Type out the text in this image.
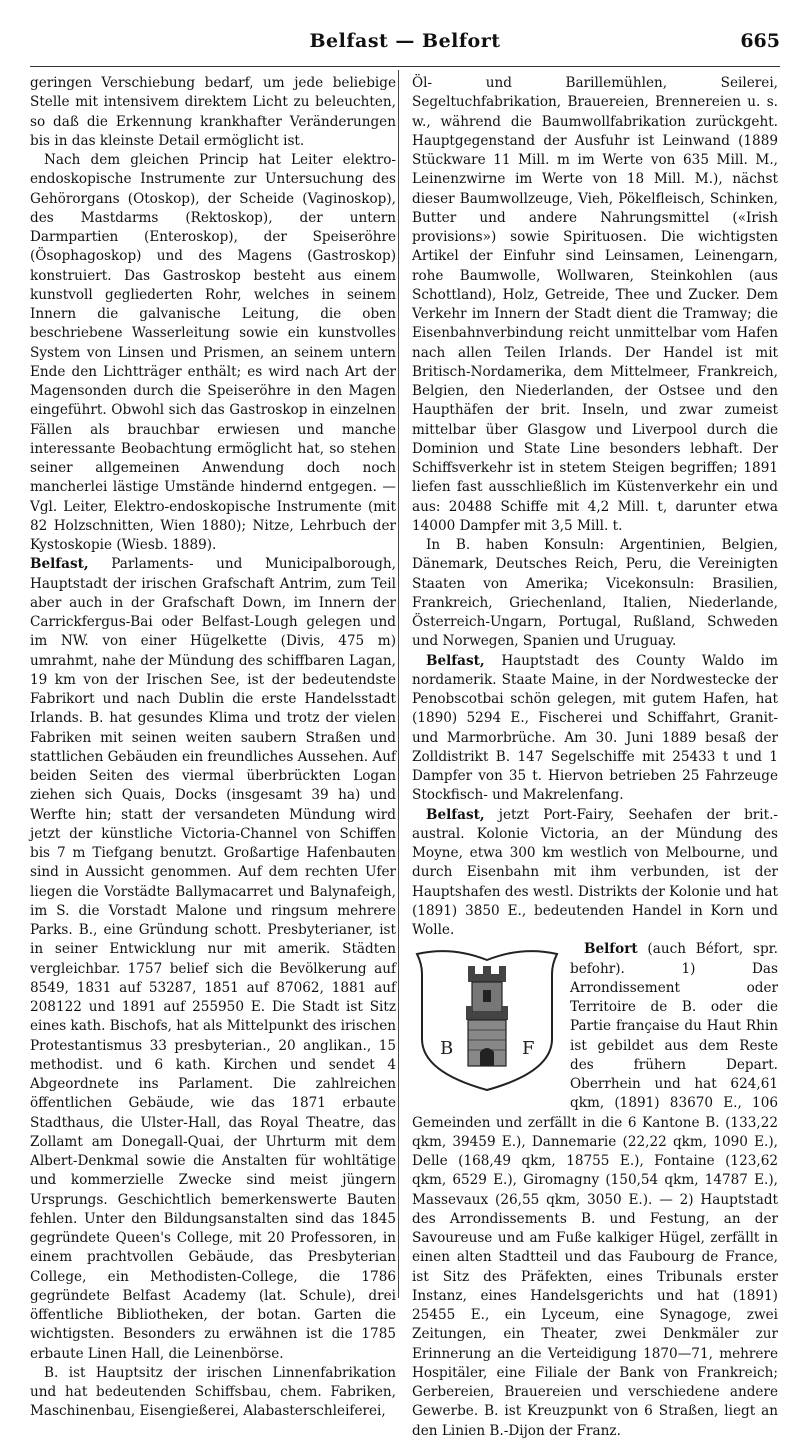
Belfast — Belfort	665

geringen Verschiebung bedarf, um jede beliebige Stelle mit intensivem direktem Licht zu beleuchten, so daß die Erkennung krankhafter Veränderungen bis in das kleinste Detail ermöglicht ist.

Nach dem gleichen Princip hat Leiter elektro-endoskopische Instrumente zur Untersuchung des Gehörorgans (Otoskop), der Scheide (Vaginoskop), des Mastdarms (Rektoskop), der untern Darmpartien (Enteroskop), der Speiseröhre (Ösophagoskop) und des Magens (Gastroskop) konstruiert. Das Gastroskop besteht aus einem kunstvoll gegliederten Rohr, welches in seinem Innern die galvanische Leitung, die oben beschriebene Wasserleitung sowie ein kunstvolles System von Linsen und Prismen, an seinem untern Ende den Lichtträger enthält; es wird nach Art der Magensonden durch die Speiseröhre in den Magen eingeführt. Obwohl sich das Gastroskop in einzelnen Fällen als brauchbar erwiesen und manche interessante Beobachtung ermöglicht hat, so stehen seiner allgemeinen Anwendung doch noch mancherlei lästige Umstände hindernd entgegen. — Vgl. Leiter, Elektro-endoskopische Instrumente (mit 82 Holzschnitten, Wien 1880); Nitze, Lehrbuch der Kystoskopie (Wiesb. 1889).

Belfast, Parlaments- und Municipalborough, Hauptstadt der irischen Grafschaft Antrim, zum Teil aber auch in der Grafschaft Down, im Innern der Carrickfergus-Bai oder Belfast-Lough gelegen und im NW. von einer Hügelkette (Divis, 475 m) umrahmt, nahe der Mündung des schiffbaren Lagan, 19 km von der Irischen See, ist der bedeutendste Fabrikort und nach Dublin die erste Handelsstadt Irlands. B. hat gesundes Klima und trotz der vielen Fabriken mit seinen weiten saubern Straßen und stattlichen Gebäuden ein freundliches Aussehen. Auf beiden Seiten des viermal überbrückten Logan ziehen sich Quais, Docks (insgesamt 39 ha) und Werfte hin; statt der versandeten Mündung wird jetzt der künstliche Victoria-Channel von Schiffen bis 7 m Tiefgang benutzt. Großartige Hafenbauten sind in Aussicht genommen. Auf dem rechten Ufer liegen die Vorstädte Ballymacarret und Balynafeigh, im S. die Vorstadt Malone und ringsum mehrere Parks. B., eine Gründung schott. Presbyterianer, ist in seiner Entwicklung nur mit amerik. Städten vergleichbar. 1757 belief sich die Bevölkerung auf 8549, 1831 auf 53287, 1851 auf 87062, 1881 auf 208122 und 1891 auf 255950 E. Die Stadt ist Sitz eines kath. Bischofs, hat als Mittelpunkt des irischen Protestantismus 33 presbyterian., 20 anglikan., 15 methodist. und 6 kath. Kirchen und sendet 4 Abgeordnete ins Parlament. Die zahlreichen öffentlichen Gebäude, wie das 1871 erbaute Stadthaus, die Ulster-Hall, das Royal Theatre, das Zollamt am Donegall-Quai, der Uhrturm mit dem Albert-Denkmal sowie die Anstalten für wohltätige und kommerzielle Zwecke sind meist jüngern Ursprungs. Geschichtlich bemerkenswerte Bauten fehlen. Unter den Bildungsanstalten sind das 1845 gegründete Queen's College, mit 20 Professoren, in einem prachtvollen Gebäude, das Presbyterian College, ein Methodisten-College, die 1786 gegründete Belfast Academy (lat. Schule), drei öffentliche Bibliotheken, der botan. Garten die wichtigsten. Besonders zu erwähnen ist die 1785 erbaute Linen Hall, die Leinenbörse.

B. ist Hauptsitz der irischen Linnenfabrikation und hat bedeutenden Schiffsbau, chem. Fabriken, Maschinenbau, Eisengießerei, Alabasterschleiferei,

Öl- und Barillemühlen, Seilerei, Segeltuchfabrikation, Brauereien, Brennereien u. s. w., während die Baumwollfabrikation zurückgeht. Hauptgegenstand der Ausfuhr ist Leinwand (1889 Stückware 11 Mill. m im Werte von 635 Mill. M., Leinenzwirne im Werte von 18 Mill. M.), nächst dieser Baumwollzeuge, Vieh, Pökelfleisch, Schinken, Butter und andere Nahrungsmittel («Irish provisions») sowie Spirituosen. Die wichtigsten Artikel der Einfuhr sind Leinsamen, Leinengarn, rohe Baumwolle, Wollwaren, Steinkohlen (aus Schottland), Holz, Getreide, Thee und Zucker. Dem Verkehr im Innern der Stadt dient die Tramway; die Eisenbahnverbindung reicht unmittelbar vom Hafen nach allen Teilen Irlands. Der Handel ist mit Britisch-Nordamerika, dem Mittelmeer, Frankreich, Belgien, den Niederlanden, der Ostsee und den Haupthäfen der brit. Inseln, und zwar zumeist mittelbar über Glasgow und Liverpool durch die Dominion und State Line besonders lebhaft. Der Schiffsverkehr ist in stetem Steigen begriffen; 1891 liefen fast ausschließlich im Küstenverkehr ein und aus: 20488 Schiffe mit 4,2 Mill. t, darunter etwa 14000 Dampfer mit 3,5 Mill. t.

In B. haben Konsuln: Argentinien, Belgien, Dänemark, Deutsches Reich, Peru, die Vereinigten Staaten von Amerika; Vicekonsuln: Brasilien, Frankreich, Griechenland, Italien, Niederlande, Österreich-Ungarn, Portugal, Rußland, Schweden und Norwegen, Spanien und Uruguay.

Belfast, Hauptstadt des County Waldo im nordamerik. Staate Maine, in der Nordwestecke der Penobscotbai schön gelegen, mit gutem Hafen, hat (1890) 5294 E., Fischerei und Schiffahrt, Granit- und Marmorbrüche. Am 30. Juni 1889 besaß der Zolldistrikt B. 147 Segelschiffe mit 25433 t und 1 Dampfer von 35 t. Hiervon betrieben 25 Fahrzeuge Stockfisch- und Makrelenfang.

Belfast, jetzt Port-Fairy, Seehafen der brit.-austral. Kolonie Victoria, an der Mündung des Moyne, etwa 300 km westlich von Melbourne, und durch Eisenbahn mit ihm verbunden, ist der Hauptshafen des westl. Distrikts der Kolonie und hat (1891) 3850 E., bedeutenden Handel in Korn und Wolle.

B	F
Belfort (auch Béfort, spr. befohr). 1) Das Arrondissement oder Territoire de B. oder die Partie française du Haut Rhin ist gebildet aus dem Reste des frühern Depart. Oberrhein und hat 624,61 qkm, (1891) 83670 E., 106 Gemeinden und zerfällt in die 6 Kantone B. (133,22 qkm, 39459 E.), Dannemarie (22,22 qkm, 1090 E.), Delle (168,49 qkm, 18755 E.), Fontaine (123,62 qkm, 6529 E.), Giromagny (150,54 qkm, 14787 E.), Massevaux (26,55 qkm, 3050 E.). — 2) Hauptstadt des Arrondissements B. und Festung, an der Savoureuse und am Fuße kalkiger Hügel, zerfällt in einen alten Stadtteil und das Faubourg de France, ist Sitz des Präfekten, eines Tribunals erster Instanz, eines Handelsgerichts und hat (1891) 25455 E., ein Lyceum, eine Synagoge, zwei Zeitungen, ein Theater, zwei Denkmäler zur Erinnerung an die Verteidigung 1870—71, mehrere Hospitäler, eine Filiale der Bank von Frankreich; Gerbereien, Brauereien und verschiedene andere Gewerbe. B. ist Kreuzpunkt von 6 Straßen, liegt an den Linien B.-Dijon der Franz.
